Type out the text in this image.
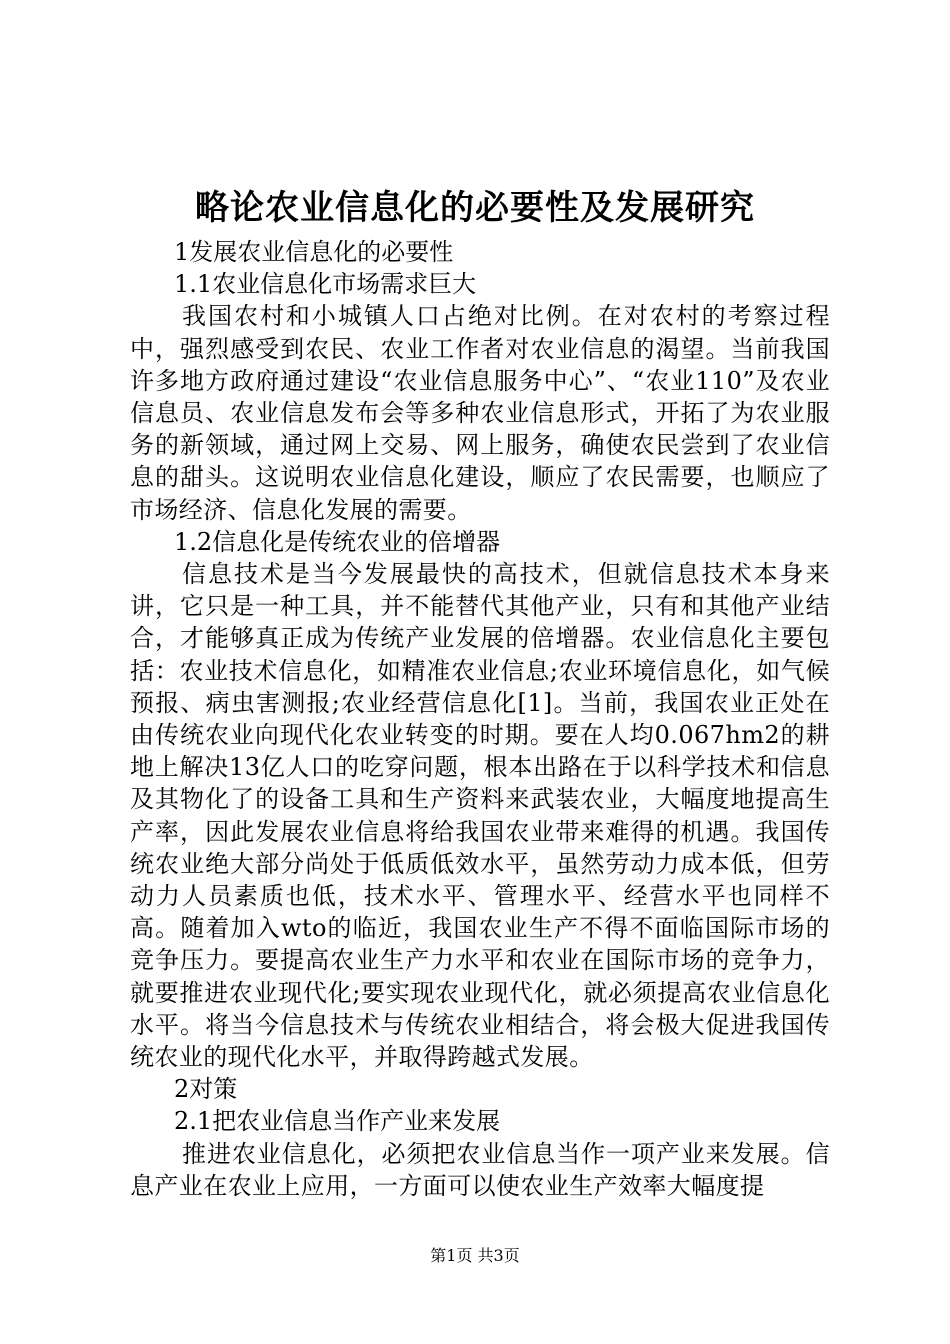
略论农业信息化的必要性及发展研究

1发展农业信息化的必要性

1.1农业信息化市场需求巨大

我国农村和小城镇人口占绝对比例。在对农村的考察过程中，强烈感受到农民、农业工作者对农业信息的渴望。当前我国许多地方政府通过建设“农业信息服务中心”、“农业110”及农业信息员、农业信息发布会等多种农业信息形式，开拓了为农业服务的新领域，通过网上交易、网上服务，确使农民尝到了农业信息的甜头。这说明农业信息化建设，顺应了农民需要，也顺应了市场经济、信息化发展的需要。

1.2信息化是传统农业的倍增器

信息技术是当今发展最快的高技术，但就信息技术本身来讲，它只是一种工具，并不能替代其他产业，只有和其他产业结合，才能够真正成为传统产业发展的倍增器。农业信息化主要包括：农业技术信息化，如精准农业信息;农业环境信息化，如气候预报、病虫害测报;农业经营信息化[1]。当前，我国农业正处在由传统农业向现代化农业转变的时期。要在人均0.067hm2的耕地上解决13亿人口的吃穿问题，根本出路在于以科学技术和信息及其物化了的设备工具和生产资料来武装农业，大幅度地提高生产率，因此发展农业信息将给我国农业带来难得的机遇。我国传统农业绝大部分尚处于低质低效水平，虽然劳动力成本低，但劳动力人员素质也低，技术水平、管理水平、经营水平也同样不高。随着加入wto的临近，我国农业生产不得不面临国际市场的竞争压力。要提高农业生产力水平和农业在国际市场的竞争力，就要推进农业现代化;要实现农业现代化，就必须提高农业信息化水平。将当今信息技术与传统农业相结合，将会极大促进我国传统农业的现代化水平，并取得跨越式发展。

2对策

2.1把农业信息当作产业来发展

推进农业信息化，必须把农业信息当作一项产业来发展。信息产业在农业上应用，一方面可以使农业生产效率大幅度提

第1页 共3页
